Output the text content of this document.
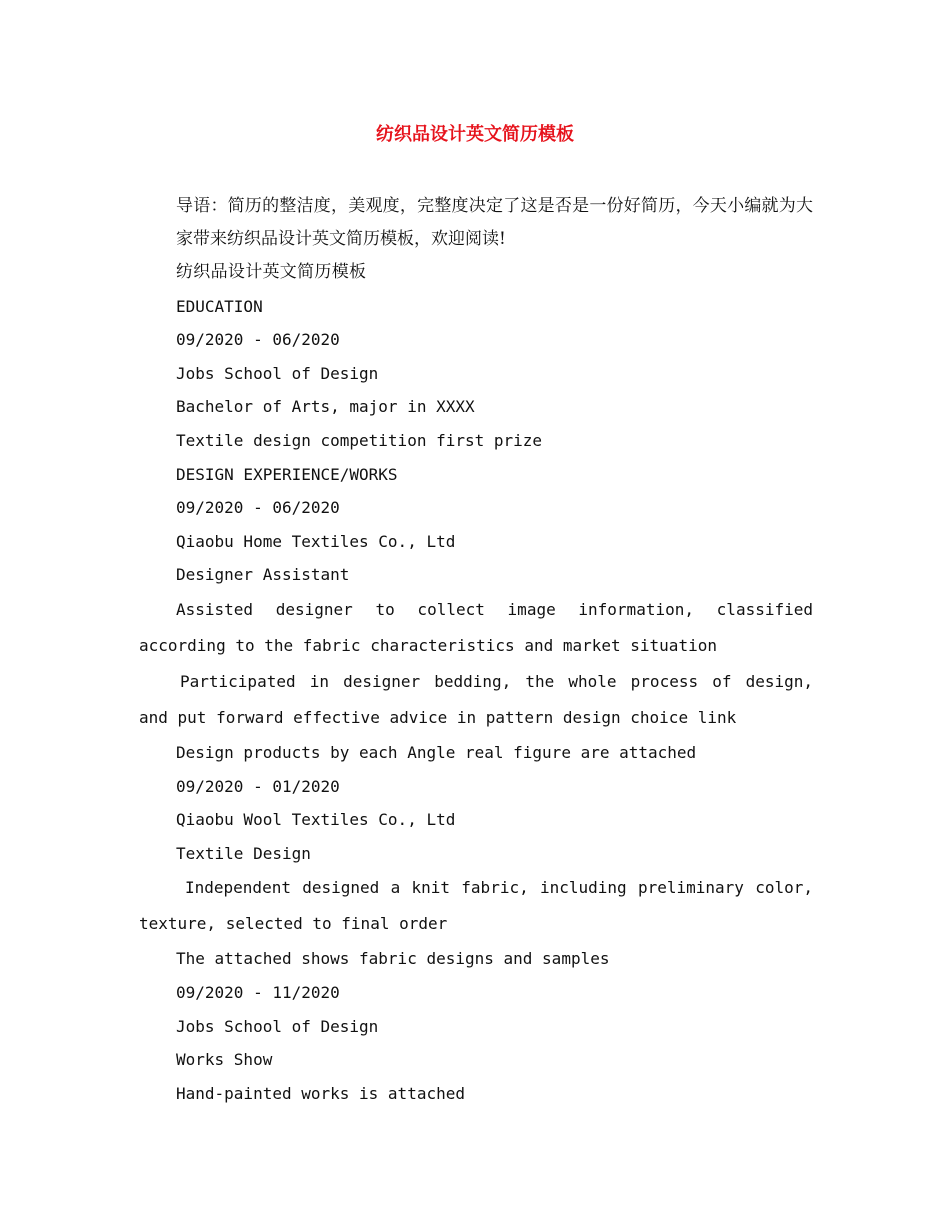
纺织品设计英文简历模板

导语：简历的整洁度，美观度，完整度决定了这是否是一份好简历，今天小编就为大家带来纺织品设计英文简历模板，欢迎阅读!

纺织品设计英文简历模板

EDUCATION

09/2020 - 06/2020

Jobs School of Design

Bachelor of Arts, major in XXXX

Textile design competition first prize

DESIGN EXPERIENCE/WORKS

09/2020 - 06/2020

Qiaobu Home Textiles Co., Ltd

Designer Assistant

Assisted designer to collect image information, classified according to the fabric characteristics and market situation

Participated in designer bedding, the whole process of design, and put forward effective advice in pattern design choice link

Design products by each Angle real figure are attached

09/2020 - 01/2020

Qiaobu Wool Textiles Co., Ltd

Textile Design

Independent designed a knit fabric, including preliminary color, texture, selected to final order

The attached shows fabric designs and samples

09/2020 - 11/2020

Jobs School of Design

Works Show

Hand-painted works is attached
